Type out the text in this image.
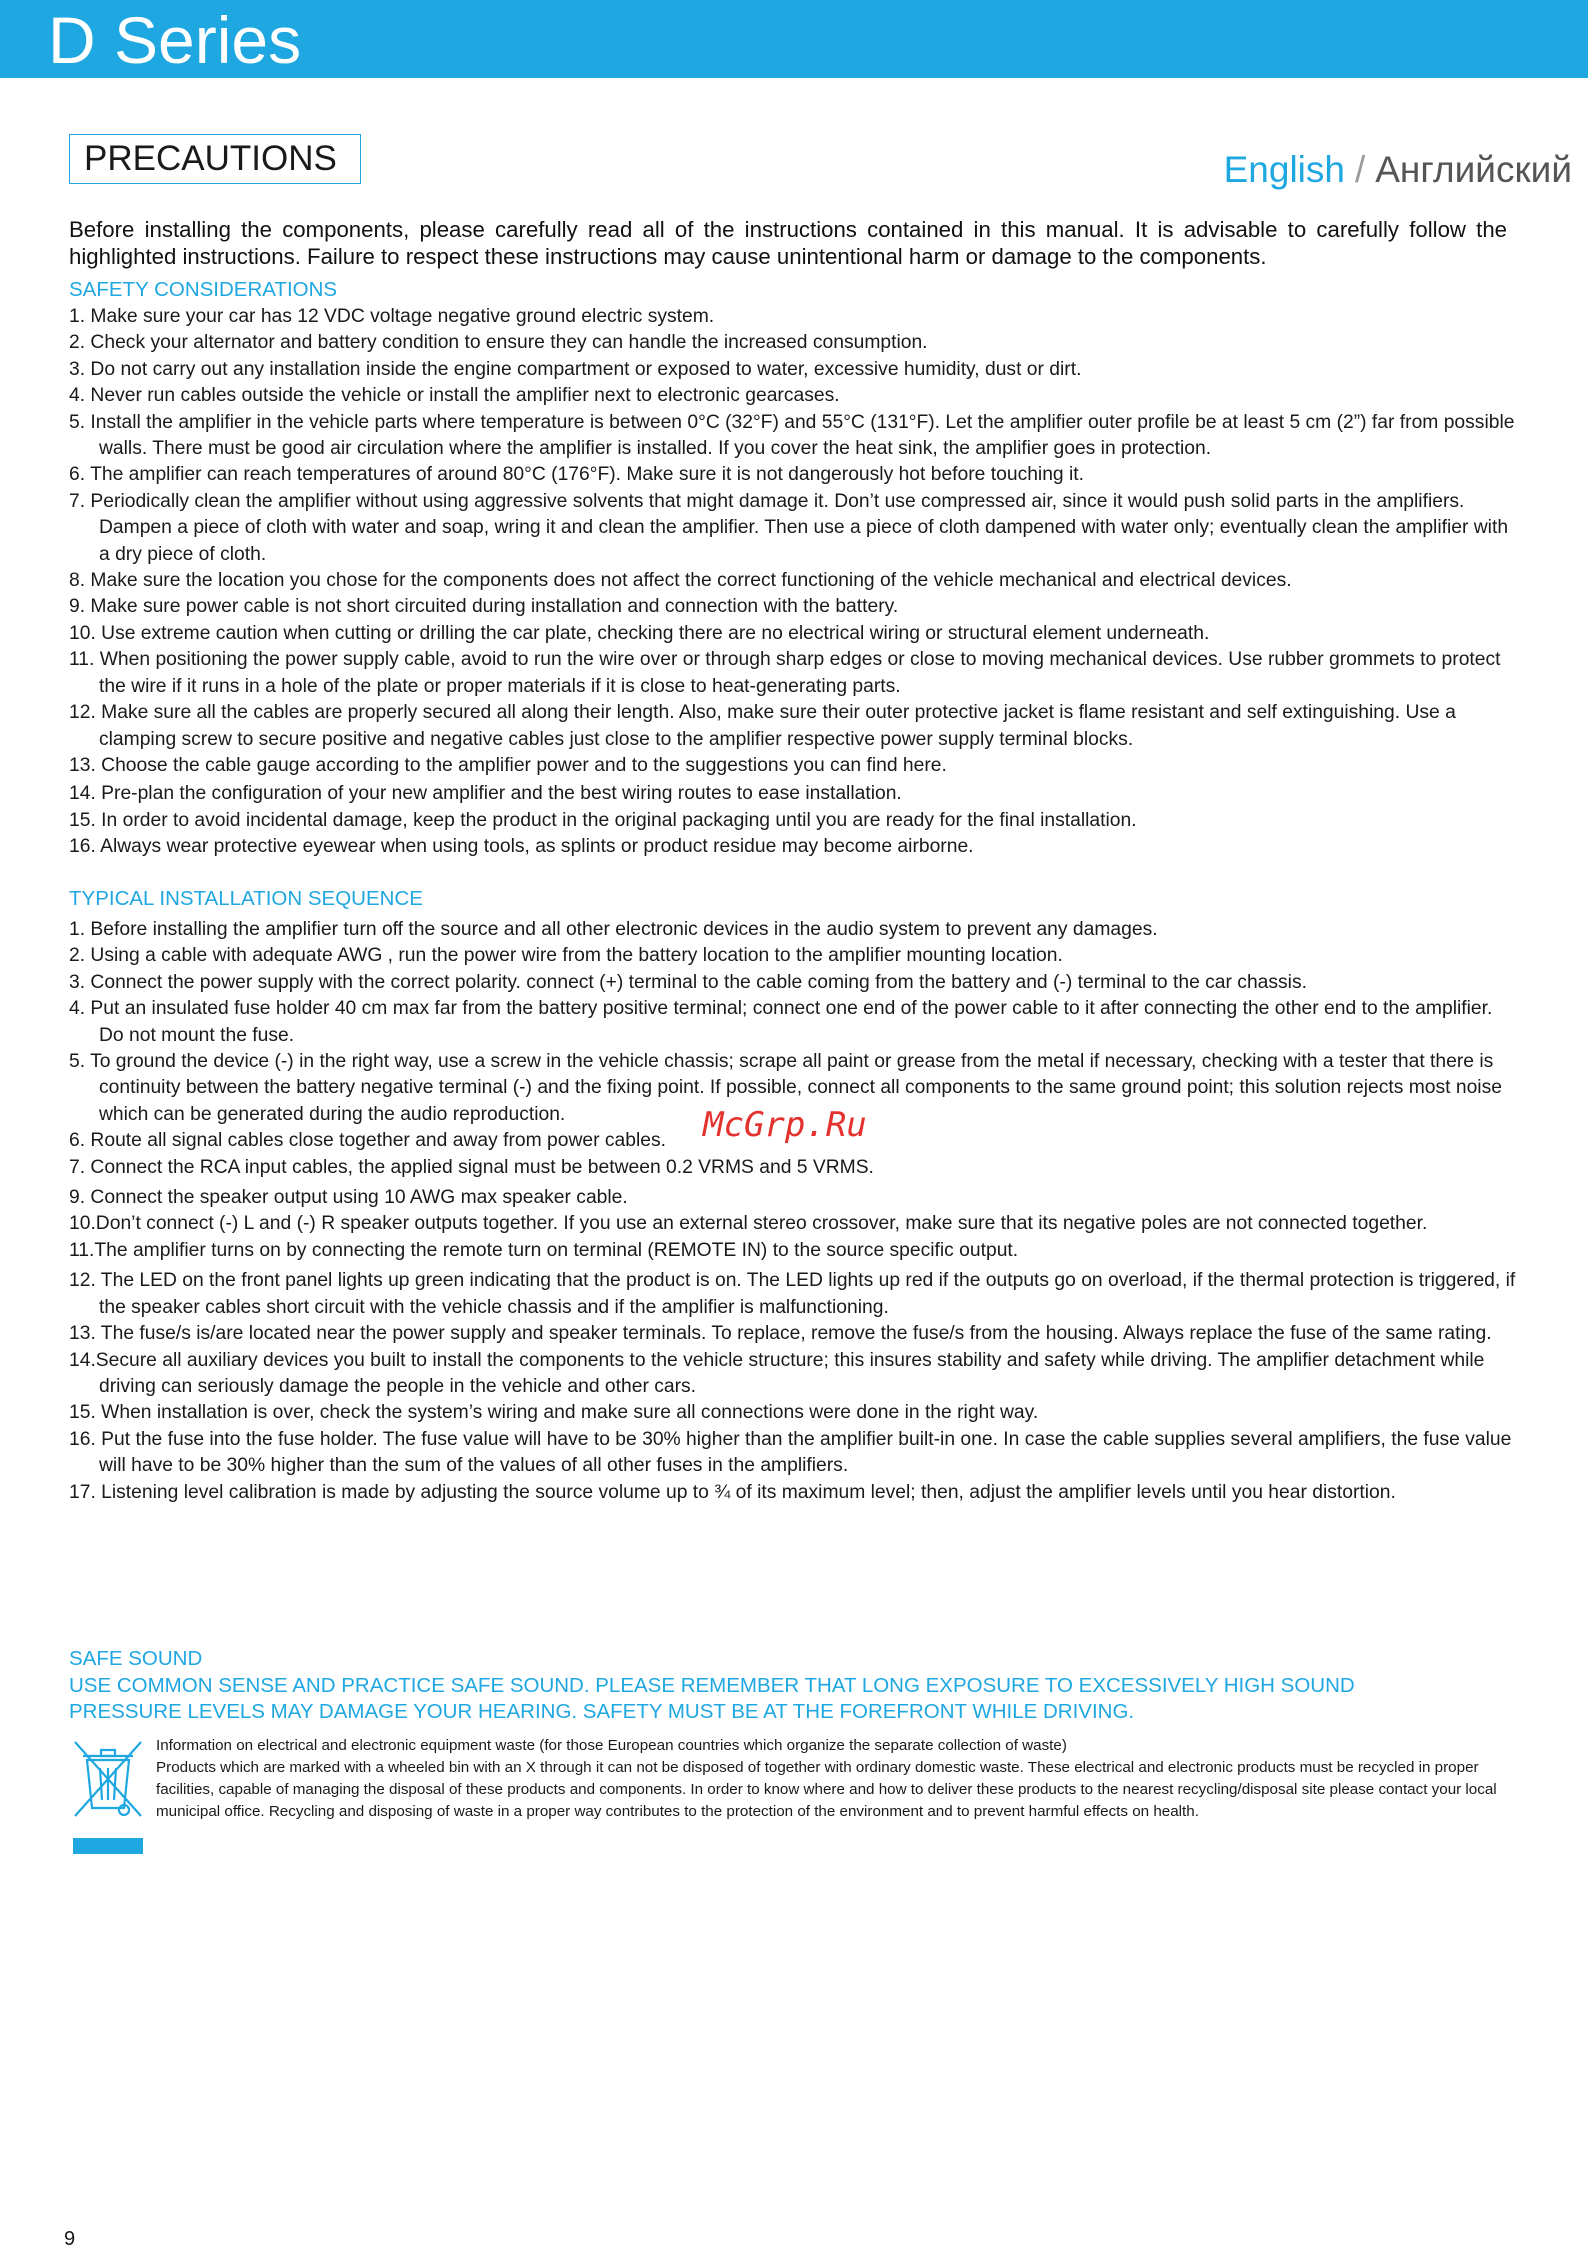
D Series
PRECAUTIONS	English / Английский

Before installing the components, please carefully read all of the instructions contained in this manual. It is advisable to carefully follow the highlighted instructions. Failure to respect these instructions may cause unintentional harm or damage to the components.

SAFETY CONSIDERATIONS
1. Make sure your car has 12 VDC voltage negative ground electric system.
2. Check your alternator and battery condition to ensure they can handle the increased consumption.
3. Do not carry out any installation inside the engine compartment or exposed to water, excessive humidity, dust or dirt.
4. Never run cables outside the vehicle or install the amplifier next to electronic gearcases.
5. Install the amplifier in the vehicle parts where temperature is between 0°C (32°F) and 55°C (131°F). Let the amplifier outer profile be at least 5 cm (2”) far from possible walls. There must be good air circulation where the amplifier is installed. If you cover the heat sink, the amplifier goes in protection.
6. The amplifier can reach temperatures of around 80°C (176°F). Make sure it is not dangerously hot before touching it.
7. Periodically clean the amplifier without using aggressive solvents that might damage it. Don’t use compressed air, since it would push solid parts in the amplifiers. Dampen a piece of cloth with water and soap, wring it and clean the amplifier. Then use a piece of cloth dampened with water only; eventually clean the amplifier with a dry piece of cloth.
8. Make sure the location you chose for the components does not affect the correct functioning of the vehicle mechanical and electrical devices.
9. Make sure power cable is not short circuited during installation and connection with the battery.
10. Use extreme caution when cutting or drilling the car plate, checking there are no electrical wiring or structural element underneath.
11. When positioning the power supply cable, avoid to run the wire over or through sharp edges or close to moving mechanical devices. Use rubber grommets to protect the wire if it runs in a hole of the plate or proper materials if it is close to heat-generating parts.
12. Make sure all the cables are properly secured all along their length. Also, make sure their outer protective jacket is flame resistant and self extinguishing. Use a clamping screw to secure positive and negative cables just close to the amplifier respective power supply terminal blocks.
13. Choose the cable gauge according to the amplifier power and to the suggestions you can find here.
14. Pre-plan the configuration of your new amplifier and the best wiring routes to ease installation.
15. In order to avoid incidental damage, keep the product in the original packaging until you are ready for the final installation.
16. Always wear protective eyewear when using tools, as splints or product residue may become airborne.
TYPICAL INSTALLATION SEQUENCE
1. Before installing the amplifier turn off the source and all other electronic devices in the audio system to prevent any damages.
2. Using a cable with adequate AWG , run the power wire from the battery location to the amplifier mounting location.
3. Connect the power supply with the correct polarity. connect (+) terminal to the cable coming from the battery and (-) terminal to the car chassis.
4. Put an insulated fuse holder 40 cm max far from the battery positive terminal; connect one end of the power cable to it after connecting the other end to the amplifier. Do not mount the fuse.
5. To ground the device (-) in the right way, use a screw in the vehicle chassis; scrape all paint or grease from the metal if necessary, checking with a tester that there is continuity between the battery negative terminal (-) and the fixing point. If possible, connect all components to the same ground point; this solution rejects most noise which can be generated during the audio reproduction.
6. Route all signal cables close together and away from power cables.
7. Connect the RCA input cables, the applied signal must be between 0.2 VRMS and 5 VRMS.
9. Connect the speaker output using 10 AWG max speaker cable.
10.Don’t connect (-) L and (-) R speaker outputs together. If you use an external stereo crossover, make sure that its negative poles are not connected together.
11.The amplifier turns on by connecting the remote turn on terminal (REMOTE IN) to the source specific output.
12. The LED on the front panel lights up green indicating that the product is on. The LED lights up red if the outputs go on overload, if the thermal protection is triggered, if the speaker cables short circuit with the vehicle chassis and if the amplifier is malfunctioning.
13. The fuse/s is/are located near the power supply and speaker terminals. To replace, remove the fuse/s from the housing. Always replace the fuse of the same rating.
14.Secure all auxiliary devices you built to install the components to the vehicle structure; this insures stability and safety while driving. The amplifier detachment while driving can seriously damage the people in the vehicle and other cars.
15. When installation is over, check the system’s wiring and make sure all connections were done in the right way.
16. Put the fuse into the fuse holder. The fuse value will have to be 30% higher than the amplifier built-in one. In case the cable supplies several amplifiers, the fuse value will have to be 30% higher than the sum of the values of all other fuses in the amplifiers.
17. Listening level calibration is made by adjusting the source volume up to ¾ of its maximum level; then, adjust the amplifier levels until you hear distortion.
SAFE SOUND
USE COMMON SENSE AND PRACTICE SAFE SOUND. PLEASE REMEMBER THAT LONG EXPOSURE TO EXCESSIVELY HIGH SOUND
PRESSURE LEVELS MAY DAMAGE YOUR HEARING. SAFETY MUST BE AT THE FOREFRONT WHILE DRIVING.
Information on electrical and electronic equipment waste (for those European countries which organize the separate collection of waste)
Products which are marked with a wheeled bin with an X through it can not be disposed of together with ordinary domestic waste. These electrical and electronic products must be recycled in proper facilities, capable of managing the disposal of these products and components. In order to know where and how to deliver these products to the nearest recycling/disposal site please contact your local municipal office. Recycling and disposing of waste in a proper way contributes to the protection of the environment and to prevent harmful effects on health.
McGrp.Ru
9
